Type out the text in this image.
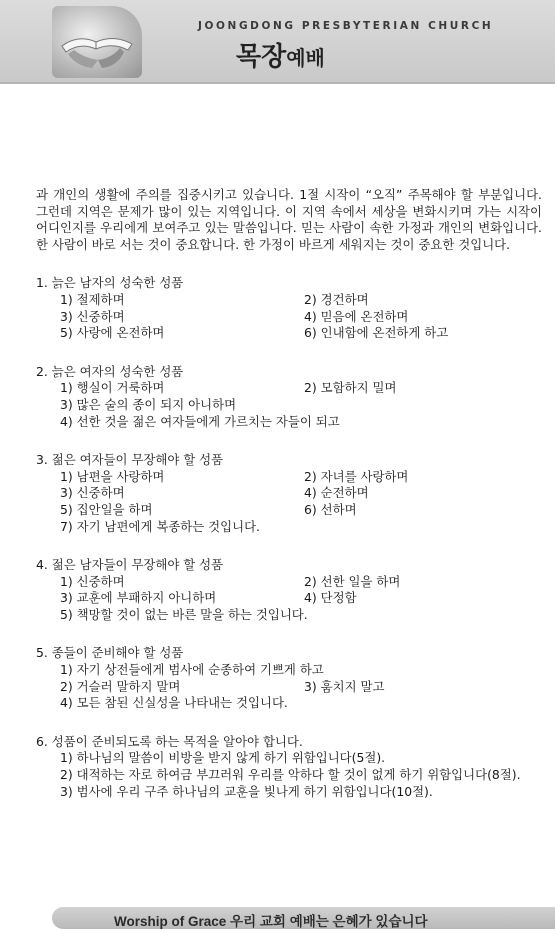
JOONGDONG PRESBYTERIAN CHURCH
목장예배

과 개인의 생활에 주의를 집중시키고 있습니다. 1절 시작이 “오직” 주목해야 할 부분입니다. 그런데 지역은 문제가 많이 있는 지역입니다. 이 지역 속에서 세상을 변화시키며 가는 시작이 어디인지를 우리에게 보여주고 있는 말씀입니다. 믿는 사람이 속한 가정과 개인의 변화입니다. 한 사람이 바로 서는 것이 중요합니다. 한 가정이 바르게 세워지는 것이 중요한 것입니다.

1. 늙은 남자의 성숙한 성품

1) 절제하며	2) 경건하며
3) 신중하며	4) 믿음에 온전하며
5) 사랑에 온전하며	6) 인내함에 온전하게 하고

2. 늙은 여자의 성숙한 성품

1) 행실이 거룩하며	2) 모함하지 밀며
3) 많은 술의 종이 되지 아니하며
4) 선한 것을 젊은 여자들에게 가르치는 자들이 되고

3. 젊은 여자들이 무장해야 할 성품

1) 남편을 사랑하며	2) 자녀를 사랑하며
3) 신중하며	4) 순전하며
5) 집안일을 하며	6) 선하며
7) 자기 남편에게 복종하는 것입니다.

4. 젊은 남자들이 무장해야 할 성품

1) 신중하며	2) 선한 일을 하며
3) 교훈에 부패하지 아니하며	4) 단정함
5) 책망할 것이 없는 바른 말을 하는 것입니다.

5. 종들이 준비해야 할 성품

1) 자기 상전들에게 범사에 순종하여 기쁘게 하고
2) 거슬러 말하지 말며	3) 훔치지 말고
4) 모든 참된 신실성을 나타내는 것입니다.

6. 성품이 준비되도록 하는 목적을 알아야 합니다.

1) 하나님의 말씀이 비방을 받지 않게 하기 위함입니다(5절).
2) 대적하는 자로 하여금 부끄러워 우리를 악하다 할 것이 없게 하기 위함입니다(8절).
3) 범사에 우리 구주 하나님의 교훈을 빛나게 하기 위함입니다(10절).
Worship of Grace 우리 교회 예배는 은혜가 있습니다
